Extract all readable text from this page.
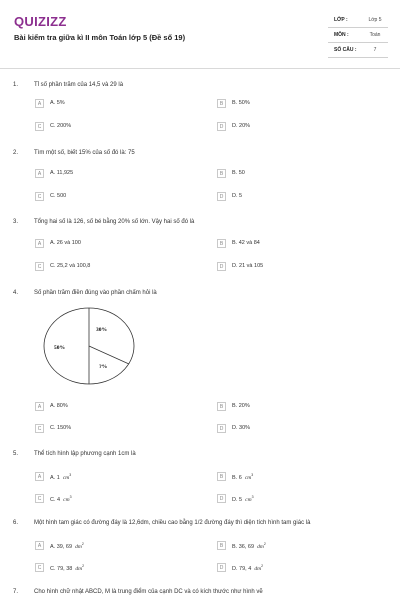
QUIZIZZ
Bài kiểm tra giữa kì II môn Toán lớp 5 (Đề số 19)
LỚP :	Lớp 5
MÔN :	Toán
SỐ CÂU :	7
1.	Tỉ số phần trăm của 14,5 và 29 là
A	A. 5%	B	B. 50%
C	C. 200%	D	D. 20%
2.	Tìm một số, biết 15% của số đó là: 75
A	A. 11,925	B	B. 50
C	C. 500	D	D. 5
3.	Tổng hai số là 126, số bé bằng 20% số lớn. Vậy hai số đó là
A	A. 26 và 100	B	B. 42 và 84
C	C. 25,2 và 100,8	D	D. 21 và 105
4.	Số phần trăm điền đúng vào phần chấm hỏi là
30%
50%
?%
A	A. 80%	B	B. 20%
C	C. 150%	D	D. 30%
5.	Thể tích hình lập phương cạnh 1cm là
A	A. 1 $cm^3$	B	B. 6 $cm^3$
C	C. 4 $cm^3$	D	D. 5 $cm^3$
6.	Một hình tam giác có đường đáy là 12,6dm, chiều cao bằng 1/2 đường đáy thì diện tích hình tam giác là
A	A. 39, 69 $dm^2$	B	B. 36, 69 $dm^2$
C	C. 79, 38 $dm^2$	D	D. 79, 4 $dm^2$
7.	Cho hình chữ nhật ABCD, M là trung điểm của cạnh DC và có kích thước như hình vẽ
